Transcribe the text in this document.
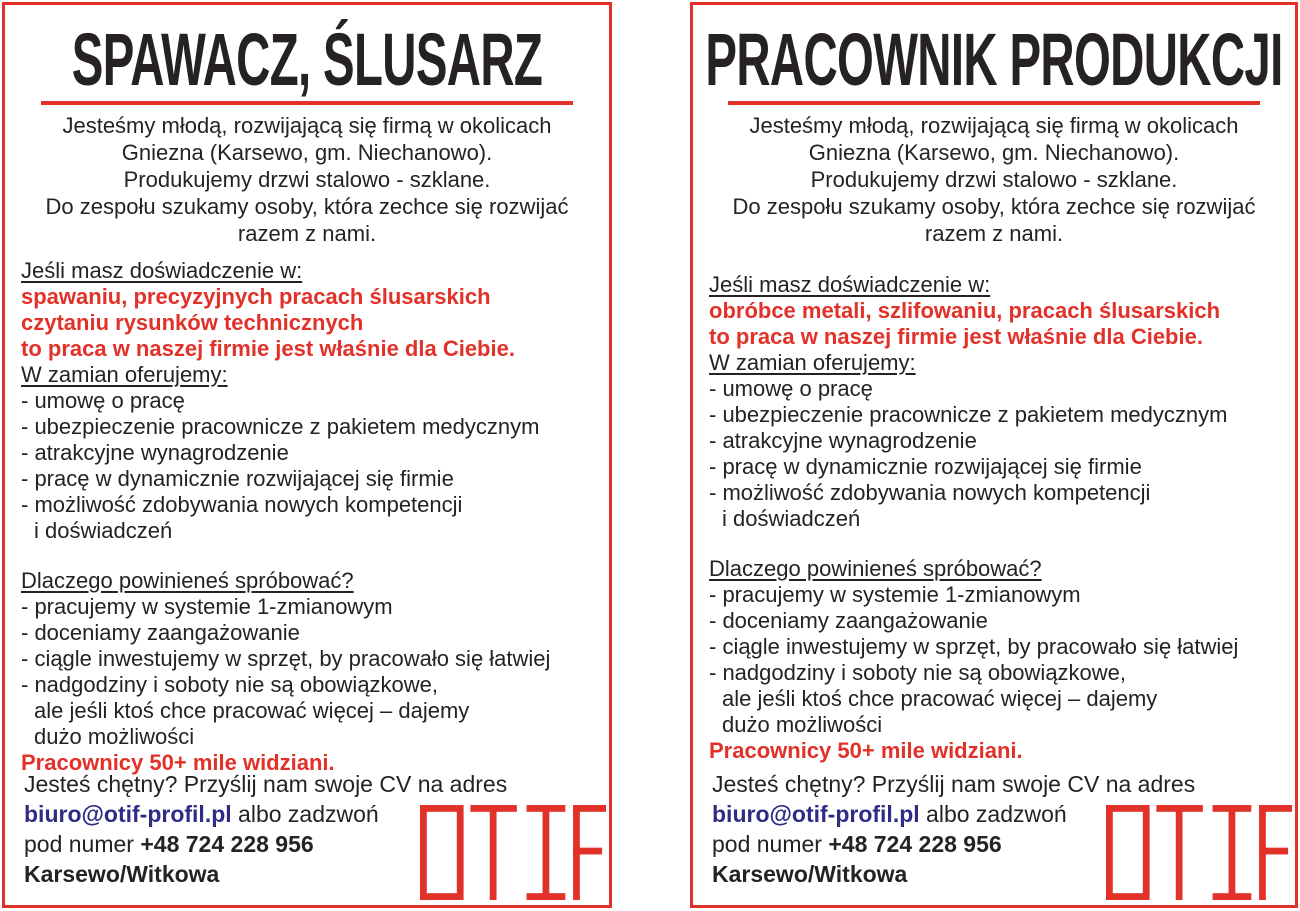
SPAWACZ, ŚLUSARZ
Jesteśmy młodą, rozwijającą się firmą w okolicach
Gniezna (Karsewo, gm. Niechanowo).
Produkujemy drzwi stalowo - szklane.
Do zespołu szukamy osoby, która zechce się rozwijać
razem z nami.
Jeśli masz doświadczenie w:
spawaniu, precyzyjnych pracach ślusarskich
czytaniu rysunków technicznych
to praca w naszej firmie jest właśnie dla Ciebie.
W zamian oferujemy:
- umowę o pracę
- ubezpieczenie pracownicze z pakietem medycznym
- atrakcyjne wynagrodzenie
- pracę w dynamicznie rozwijającej się firmie
- możliwość zdobywania nowych kompetencji
i doświadczeń

Dlaczego powinieneś spróbować?
- pracujemy w systemie 1-zmianowym
- doceniamy zaangażowanie
- ciągle inwestujemy w sprzęt, by pracowało się łatwiej
- nadgodziny i soboty nie są obowiązkowe,
ale jeśli ktoś chce pracować więcej – dajemy
dużo możliwości
Pracownicy 50+ mile widziani.
Jesteś chętny? Przyślij nam swoje CV na adres
biuro@otif-profil.pl albo zadzwoń
pod numer +48 724 228 956
Karsewo/Witkowa
PRACOWNIK PRODUKCJI
Jesteśmy młodą, rozwijającą się firmą w okolicach
Gniezna (Karsewo, gm. Niechanowo).
Produkujemy drzwi stalowo - szklane.
Do zespołu szukamy osoby, która zechce się rozwijać
razem z nami.

Jeśli masz doświadczenie w:
obróbce metali, szlifowaniu, pracach ślusarskich
to praca w naszej firmie jest właśnie dla Ciebie.
W zamian oferujemy:
- umowę o pracę
- ubezpieczenie pracownicze z pakietem medycznym
- atrakcyjne wynagrodzenie
- pracę w dynamicznie rozwijającej się firmie
- możliwość zdobywania nowych kompetencji
i doświadczeń

Dlaczego powinieneś spróbować?
- pracujemy w systemie 1-zmianowym
- doceniamy zaangażowanie
- ciągle inwestujemy w sprzęt, by pracowało się łatwiej
- nadgodziny i soboty nie są obowiązkowe,
ale jeśli ktoś chce pracować więcej – dajemy
dużo możliwości
Pracownicy 50+ mile widziani.
Jesteś chętny? Przyślij nam swoje CV na adres
biuro@otif-profil.pl albo zadzwoń
pod numer +48 724 228 956
Karsewo/Witkowa
